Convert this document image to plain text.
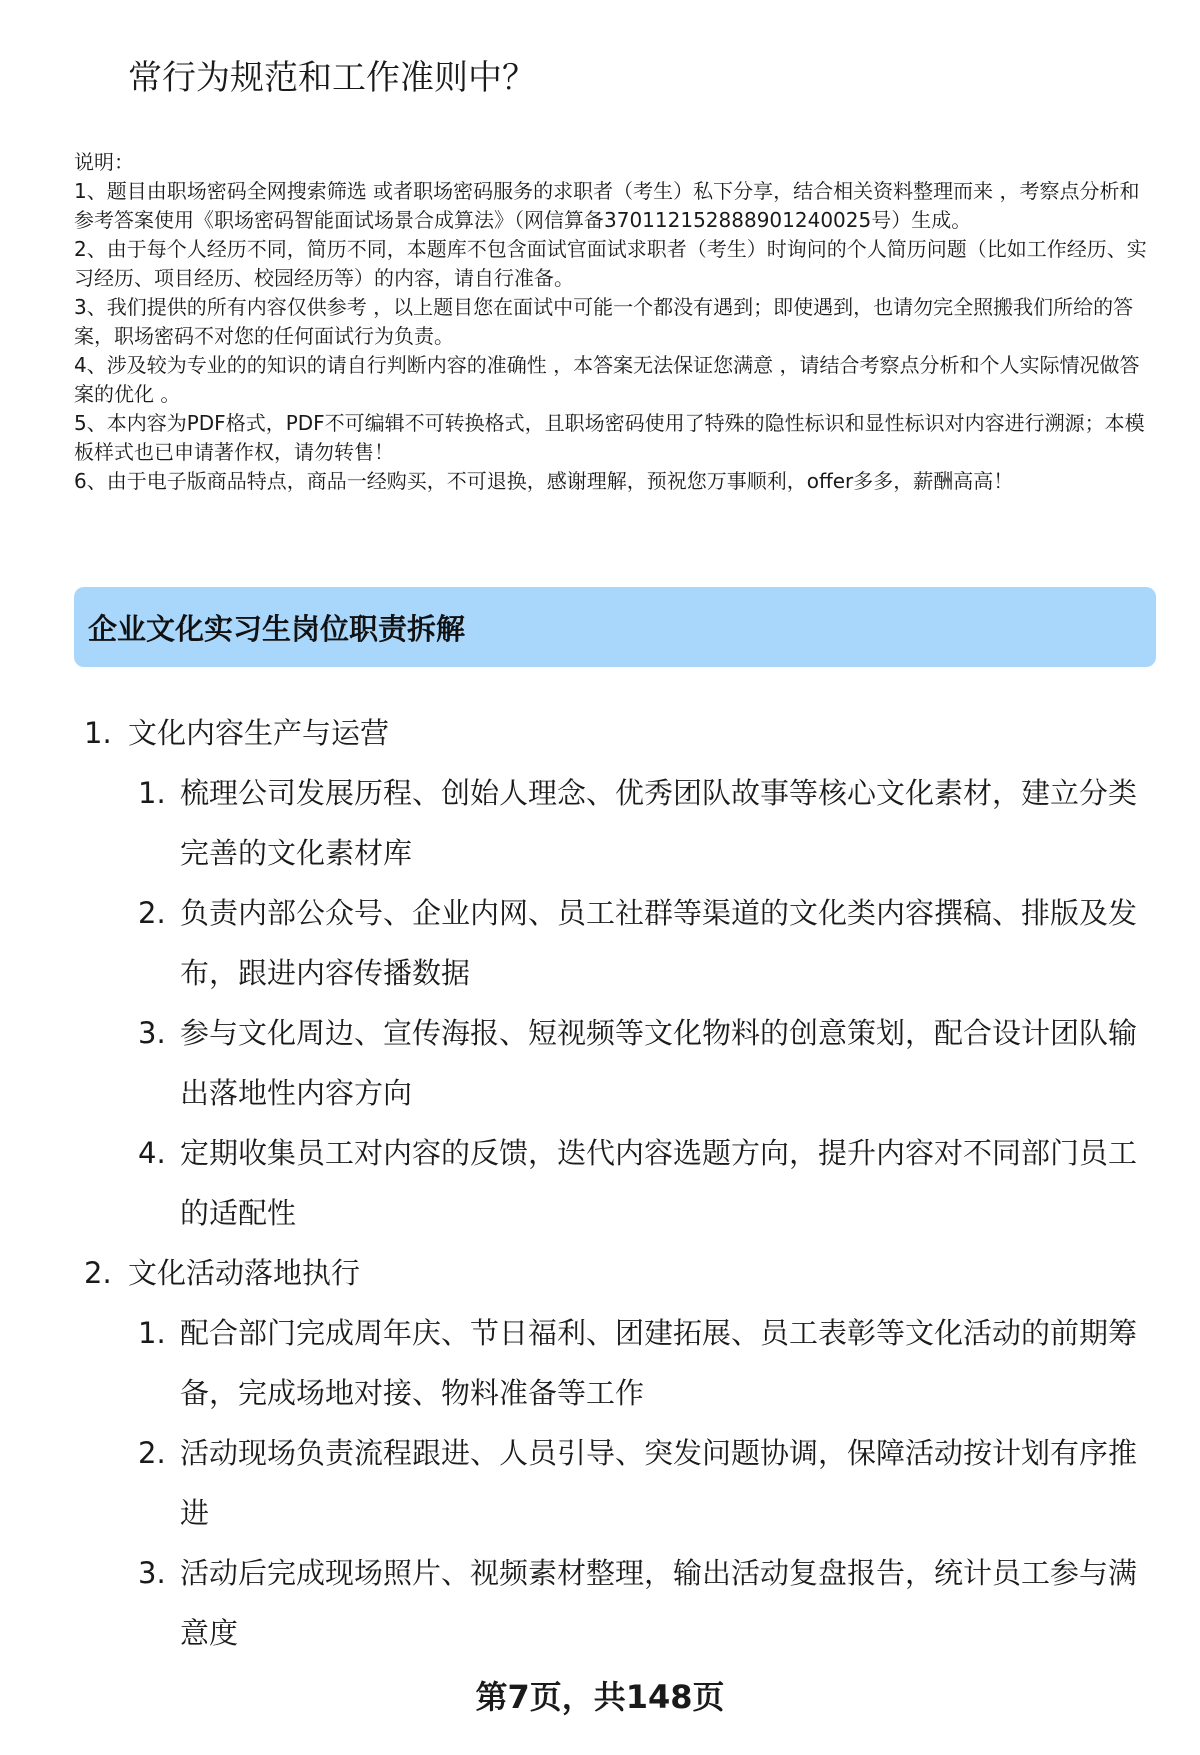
常行为规范和工作准则中？

说明：

1、题目由职场密码全网搜索筛选 或者职场密码服务的求职者（考生）私下分享，结合相关资料整理而来 ，考察点分析和参考答案使用《职场密码智能面试场景合成算法》（网信算备370112152888901240025号）生成。

2、由于每个人经历不同，简历不同，本题库不包含面试官面试求职者（考生）时询问的个人简历问题（比如工作经历、实习经历、项目经历、校园经历等）的内容，请自行准备。

3、我们提供的所有内容仅供参考 ，以上题目您在面试中可能一个都没有遇到；即使遇到，也请勿完全照搬我们所给的答案，职场密码不对您的任何面试行为负责。

4、涉及较为专业的的知识的请自行判断内容的准确性 ，本答案无法保证您满意 ，请结合考察点分析和个人实际情况做答案的优化 。

5、本内容为PDF格式，PDF不可编辑不可转换格式，且职场密码使用了特殊的隐性标识和显性标识对内容进行溯源；本模板样式也已申请著作权，请勿转售！

6、由于电子版商品特点，商品一经购买，不可退换，感谢理解，预祝您万事顺利，offer多多，薪酬高高！

企业文化实习生岗位职责拆解
1. 文化内容生产与运营
1. 梳理公司发展历程、创始人理念、优秀团队故事等核心文化素材，建立分类完善的文化素材库
2. 负责内部公众号、企业内网、员工社群等渠道的文化类内容撰稿、排版及发布，跟进内容传播数据
3. 参与文化周边、宣传海报、短视频等文化物料的创意策划，配合设计团队输出落地性内容方向
4. 定期收集员工对内容的反馈，迭代内容选题方向，提升内容对不同部门员工的适配性
2. 文化活动落地执行
1. 配合部门完成周年庆、节日福利、团建拓展、员工表彰等文化活动的前期筹备，完成场地对接、物料准备等工作
2. 活动现场负责流程跟进、人员引导、突发问题协调，保障活动按计划有序推进
3. 活动后完成现场照片、视频素材整理，输出活动复盘报告，统计员工参与满意度
第7页，共148页
